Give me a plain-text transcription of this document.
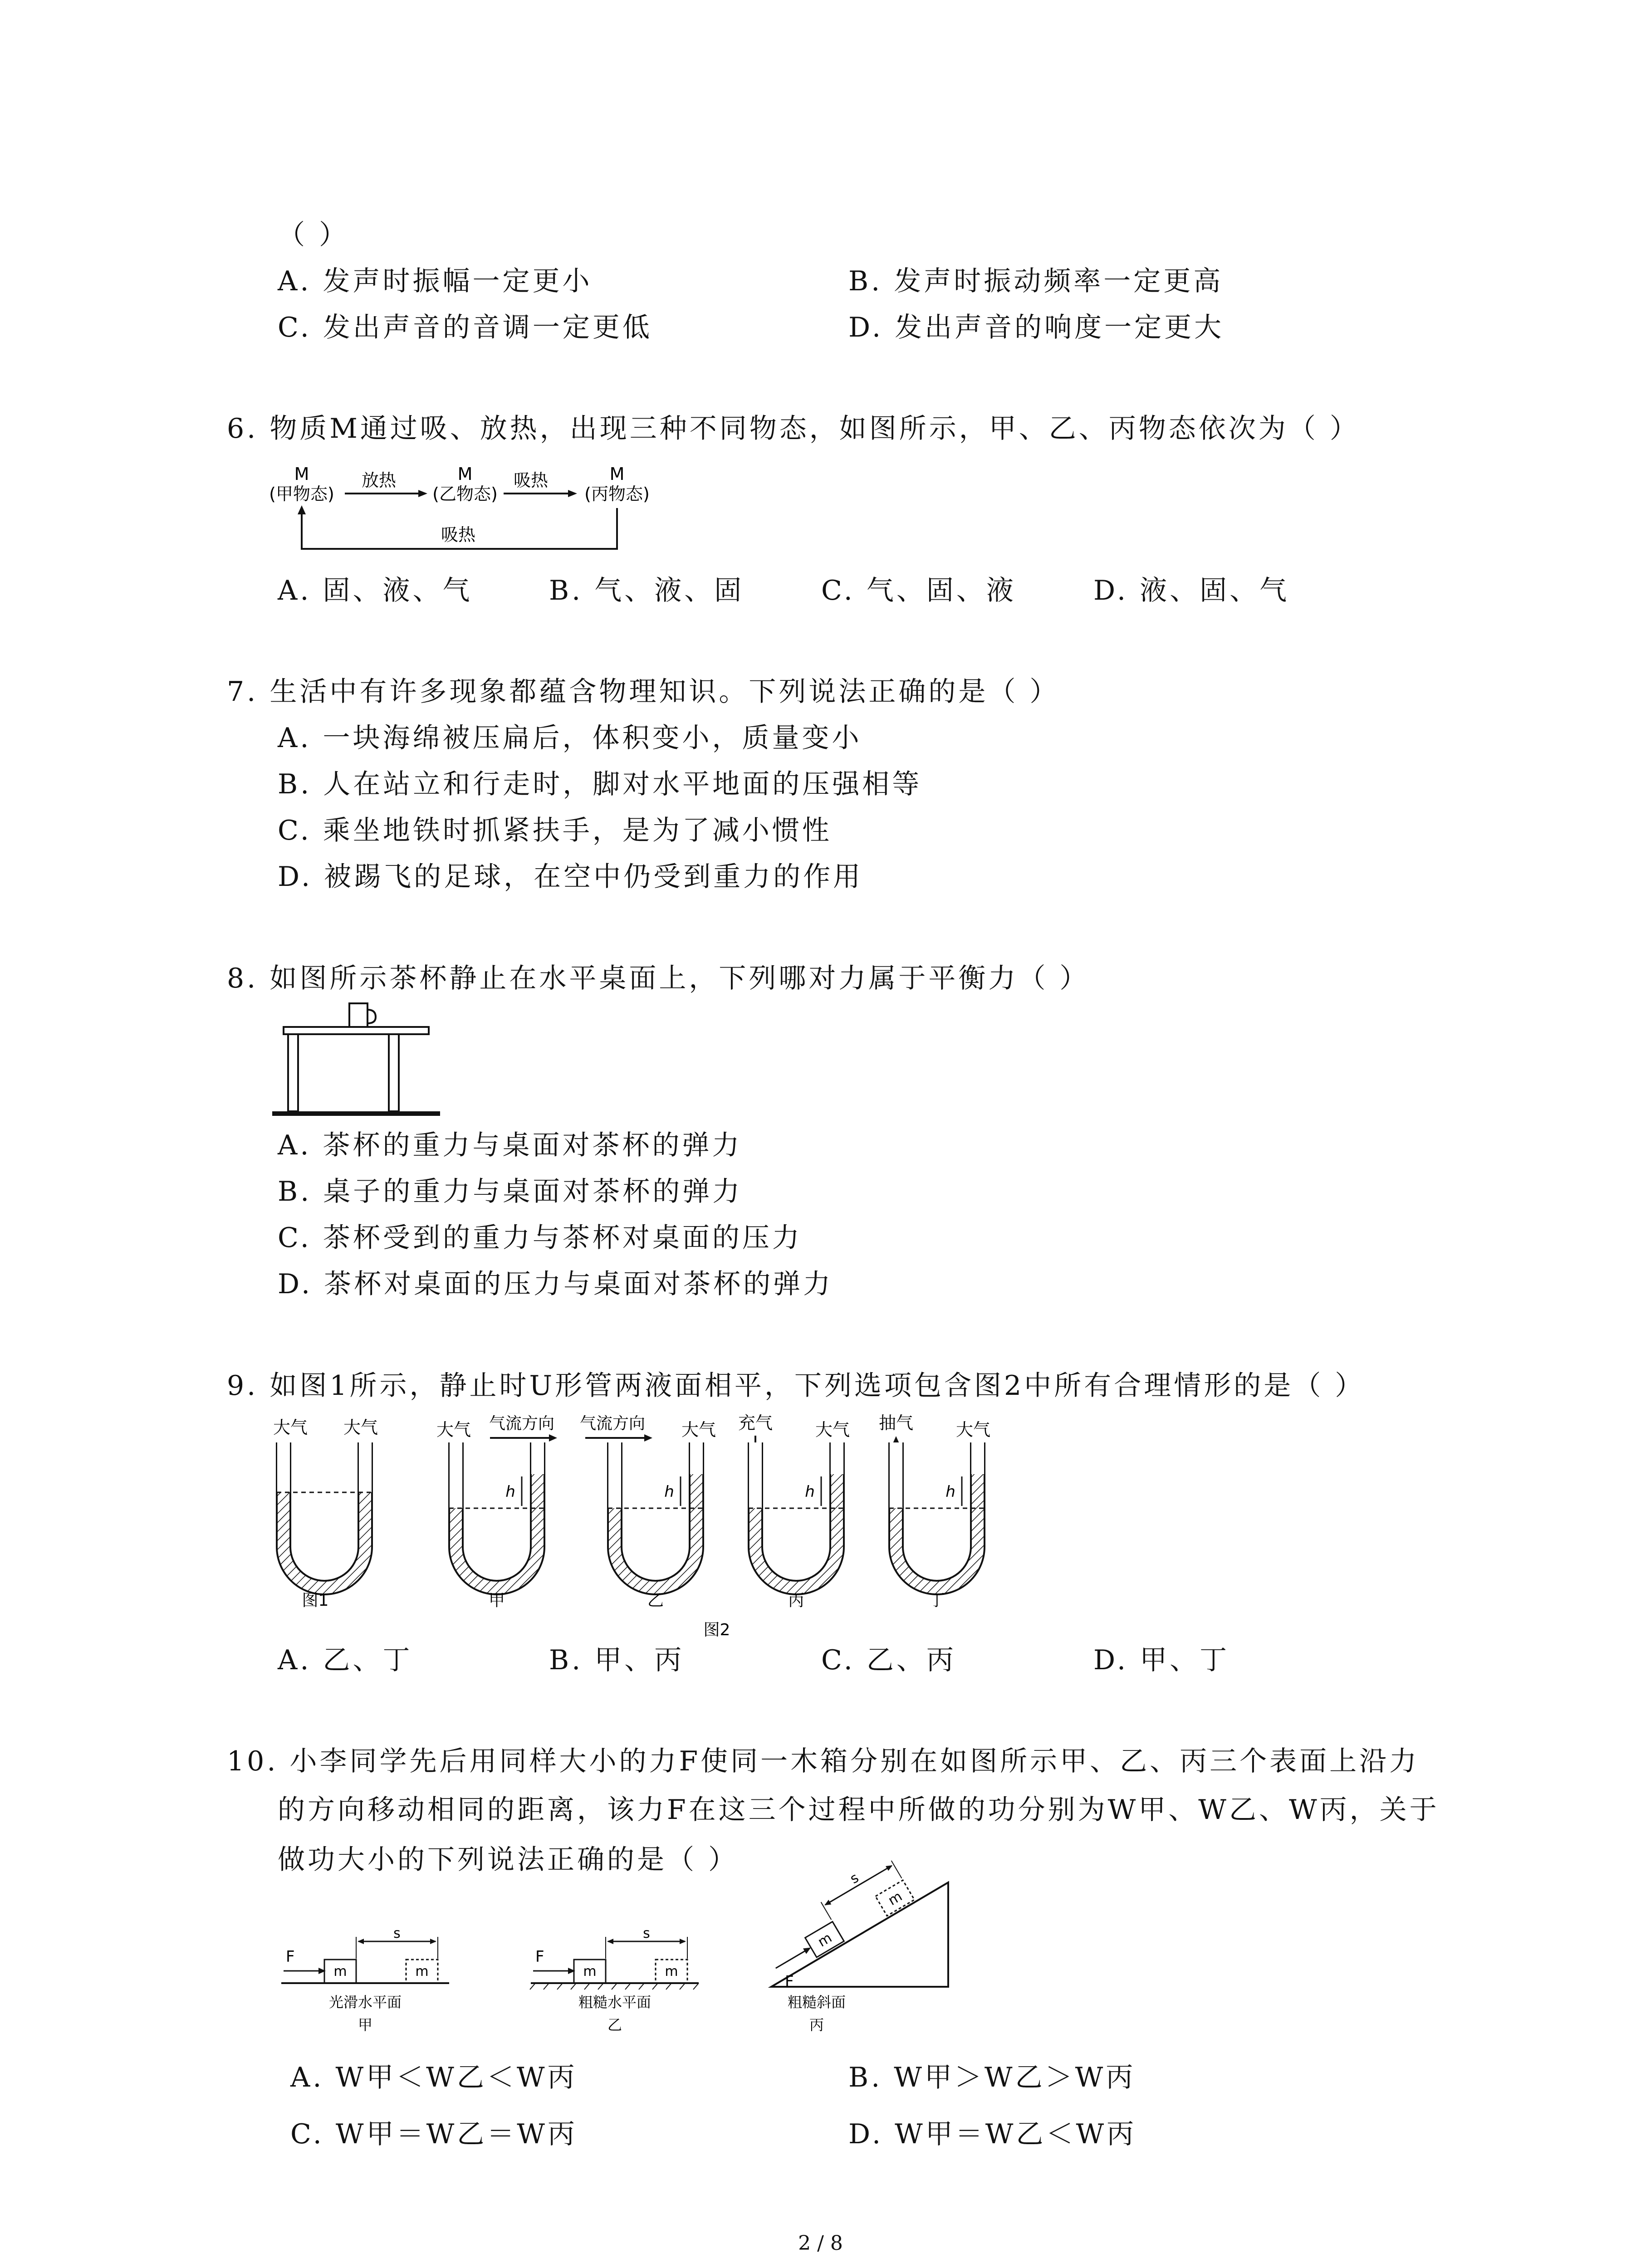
（ ）
A. 发声时振幅一定更小	B. 发声时振动频率一定更高
C. 发出声音的音调一定更低	D. 发出声音的响度一定更大
6. 物质M通过吸、放热，出现三种不同物态，如图所示，甲、乙、丙物态依次为（ ）
M
(甲物态)
M
(乙物态)
M
(丙物态)
放热	吸热
吸热
A. 固、液、气	B. 气、液、固	C. 气、固、液	D. 液、固、气
7. 生活中有许多现象都蕴含物理知识。下列说法正确的是（ ）
A. 一块海绵被压扁后，体积变小，质量变小
B. 人在站立和行走时，脚对水平地面的压强相等
C. 乘坐地铁时抓紧扶手，是为了减小惯性
D. 被踢飞的足球，在空中仍受到重力的作用
8. 如图所示茶杯静止在水平桌面上，下列哪对力属于平衡力（ ）
A. 茶杯的重力与桌面对茶杯的弹力
B. 桌子的重力与桌面对茶杯的弹力
C. 茶杯受到的重力与茶杯对桌面的压力
D. 茶杯对桌面的压力与桌面对茶杯的弹力
9. 如图1所示，静止时U形管两液面相平，下列选项包含图2中所有合理情形的是（ ）
大气 大气
图1
大气 气流方向
h
甲
气流方向 大气
h
乙
充气 大气
h
丙
抽气 大气
h
丁
图2
A. 乙、丁	B. 甲、丙	C. 乙、丙	D. 甲、丁
10. 小李同学先后用同样大小的力F使同一木箱分别在如图所示甲、乙、丙三个表面上沿力
的方向移动相同的距离，该力F在这三个过程中所做的功分别为W甲、W乙、W丙，关于
做功大小的下列说法正确的是（ ）
F
m	m
s
光滑水平面
甲
F
m	m
s
粗糙水平面
乙
m
m
s
F
粗糙斜面
丙
A. W甲＜W乙＜W丙	B. W甲＞W乙＞W丙
C. W甲＝W乙＝W丙	D. W甲＝W乙＜W丙
2 / 8
